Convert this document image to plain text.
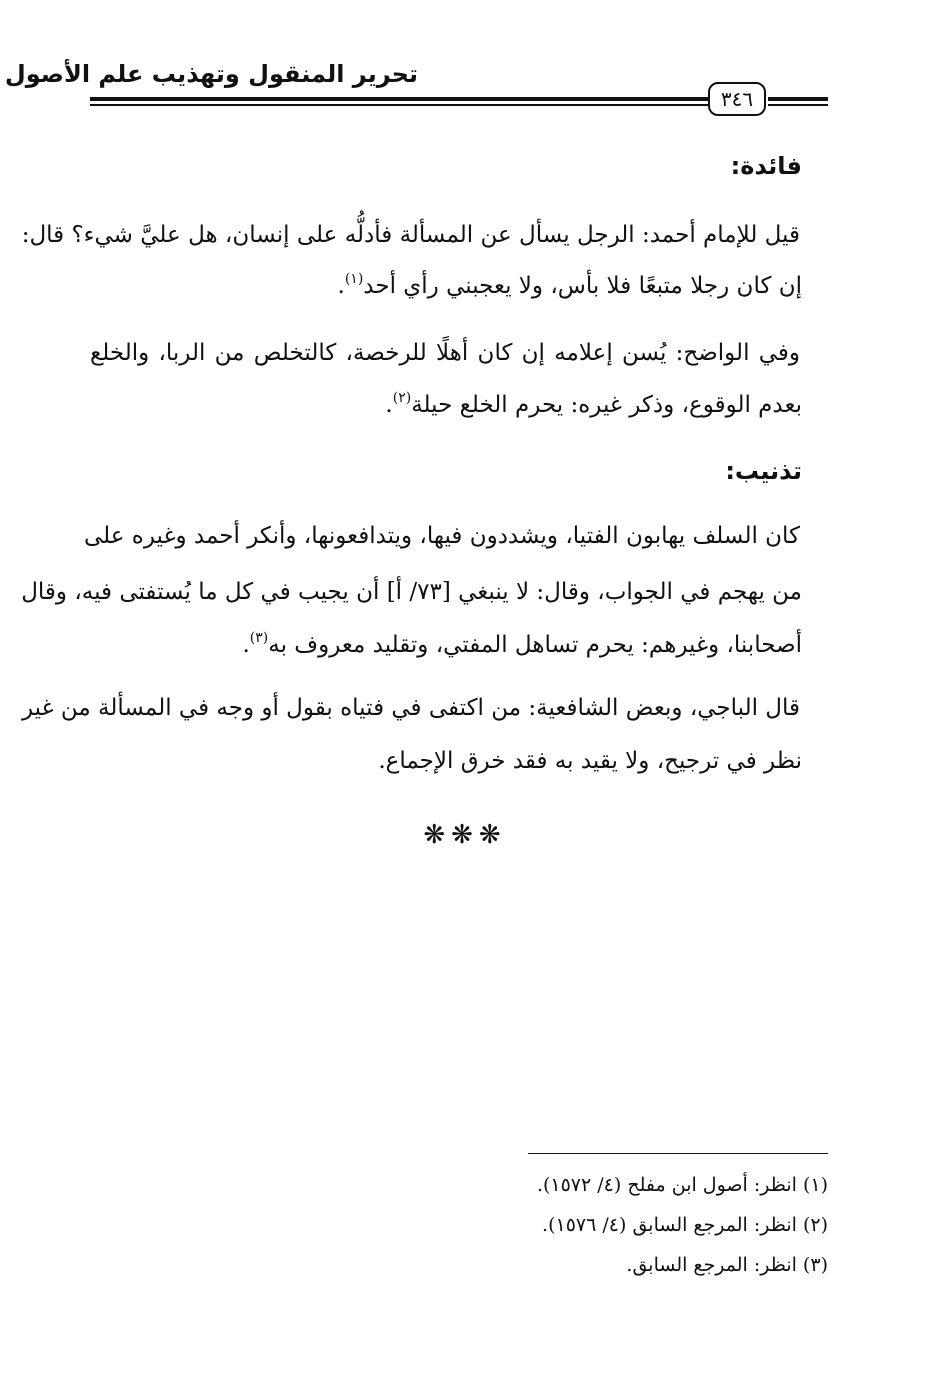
تحرير المنقول وتهذيب علم الأصول
٣٤٦
فائدة:
قيل للإمام أحمد: الرجل يسأل عن المسألة فأدلُّه على إنسان، هل عليَّ شيء؟ قال:
إن كان رجلا متبعًا فلا بأس، ولا يعجبني رأي أحد$^{(١)}$.
وفي الواضح: يُسن إعلامه إن كان أهلًا للرخصة، كالتخلص من الربا، والخلع
بعدم الوقوع، وذكر غيره: يحرم الخلع حيلة$^{(٢)}$.
تذنيب:
كان السلف يهابون الفتيا، ويشددون فيها، ويتدافعونها، وأنكر أحمد وغيره على
من يهجم في الجواب، وقال: لا ينبغي [٧٣/ أ] أن يجيب في كل ما يُستفتى فيه، وقال
أصحابنا، وغيرهم: يحرم تساهل المفتي، وتقليد معروف به$^{(٣)}$.
قال الباجي، وبعض الشافعية: من اكتفى في فتياه بقول أو وجه في المسألة من غير
نظر في ترجيح، ولا يقيد به فقد خرق الإجماع.
❋❋❋
(١) انظر: أصول ابن مفلح (٤/ ١٥٧٢).
(٢) انظر: المرجع السابق (٤/ ١٥٧٦).
(٣) انظر: المرجع السابق.
